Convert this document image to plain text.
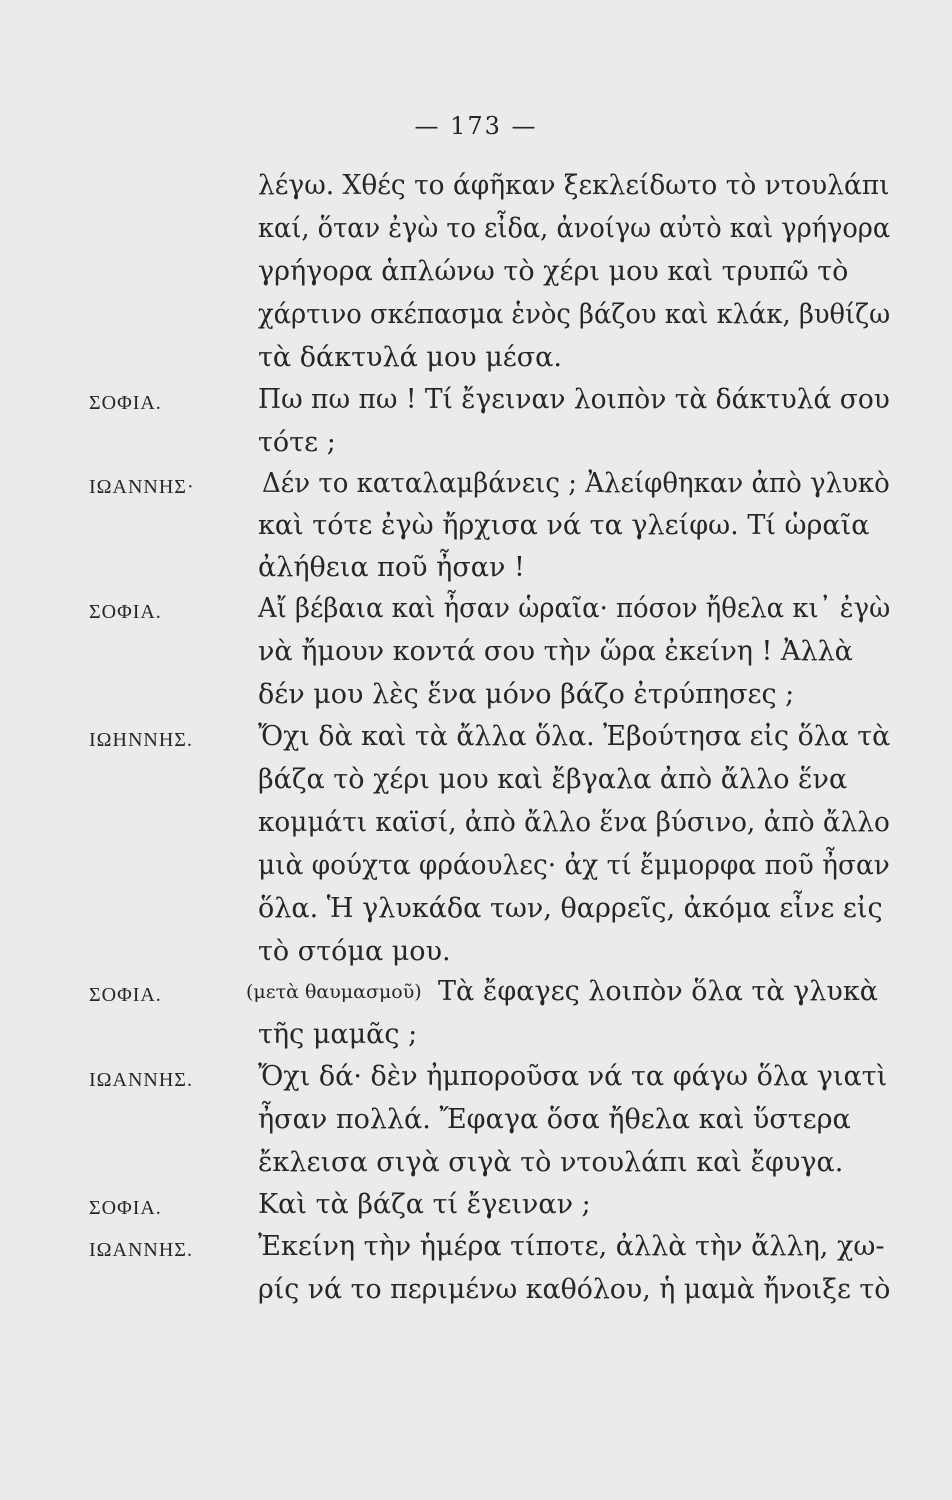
— 173 —
λέγω. Χθές το άφῆκαν ξεκλείδωτο τὸ ντουλάπι
καί, ὅταν ἐγὼ το εἶδα, ἀνοίγω αὐτὸ καὶ γρήγορα
γρήγορα ἁπλώνω τὸ χέρι μου καὶ τρυπῶ τὸ
χάρτινο σκέπασμα ἑνὸς βάζου καὶ κλάκ, βυθίζω
τὰ δάκτυλά μου μέσα.
ΣΟΦΙΑ.	Πω πω πω ! Τί ἔγειναν λοιπὸν τὰ δάκτυλά σου
τότε ;
ΙΩΑΝΝΗΣ· Δέν το καταλαμβάνεις ; Ἀλείφθηκαν ἀπὸ γλυκὸ
καὶ τότε ἐγὼ ἤρχισα νά τα γλείφω. Τί ὡραῖα
ἀλήθεια ποῦ ἦσαν !
ΣΟΦΙΑ.	Αἴ βέβαια καὶ ἦσαν ὡραῖα· πόσον ἤθελα κι᾿ ἐγὼ
νὰ ἤμουν κοντά σου τὴν ὥρα ἐκείνη ! Ἀλλὰ
δέν μου λὲς ἕνα μόνο βάζο ἐτρύπησες ;
ΙΩΗΝΝΗΣ. Ὄχι δὰ καὶ τὰ ἄλλα ὅλα. Ἐβούτησα εἰς ὅλα τὰ
βάζα τὸ χέρι μου καὶ ἔβγαλα ἀπὸ ἄλλο ἕνα
κομμάτι καϊσί, ἀπὸ ἄλλο ἕνα βύσινο, ἀπὸ ἄλλο
μιὰ φούχτα φράουλες· ἀχ τί ἔμμορφα ποῦ ἦσαν
ὅλα. Ἡ γλυκάδα των, θαρρεῖς, ἀκόμα εἶνε εἰς
τὸ στόμα μου.
ΣΟΦΙΑ.	(μετὰ θαυμασμοῦ) Τὰ ἔφαγες λοιπὸν ὅλα τὰ γλυκὰ
τῆς μαμᾶς ;
ΙΩΑΝΝΗΣ. Ὄχι δά· δὲν ἠμποροῦσα νά τα φάγω ὅλα γιατὶ
ἦσαν πολλά. Ἔφαγα ὅσα ἤθελα καὶ ὕστερα
ἔκλεισα σιγὰ σιγὰ τὸ ντουλάπι καὶ ἔφυγα.
ΣΟΦΙΑ.	Καὶ τὰ βάζα τί ἔγειναν ;
ΙΩΑΝΝΗΣ. Ἐκείνη τὴν ἡμέρα τίποτε, ἀλλὰ τὴν ἄλλη, χω-
ρίς νά το περιμένω καθόλου, ἡ μαμὰ ἤνοιξε τὸ
